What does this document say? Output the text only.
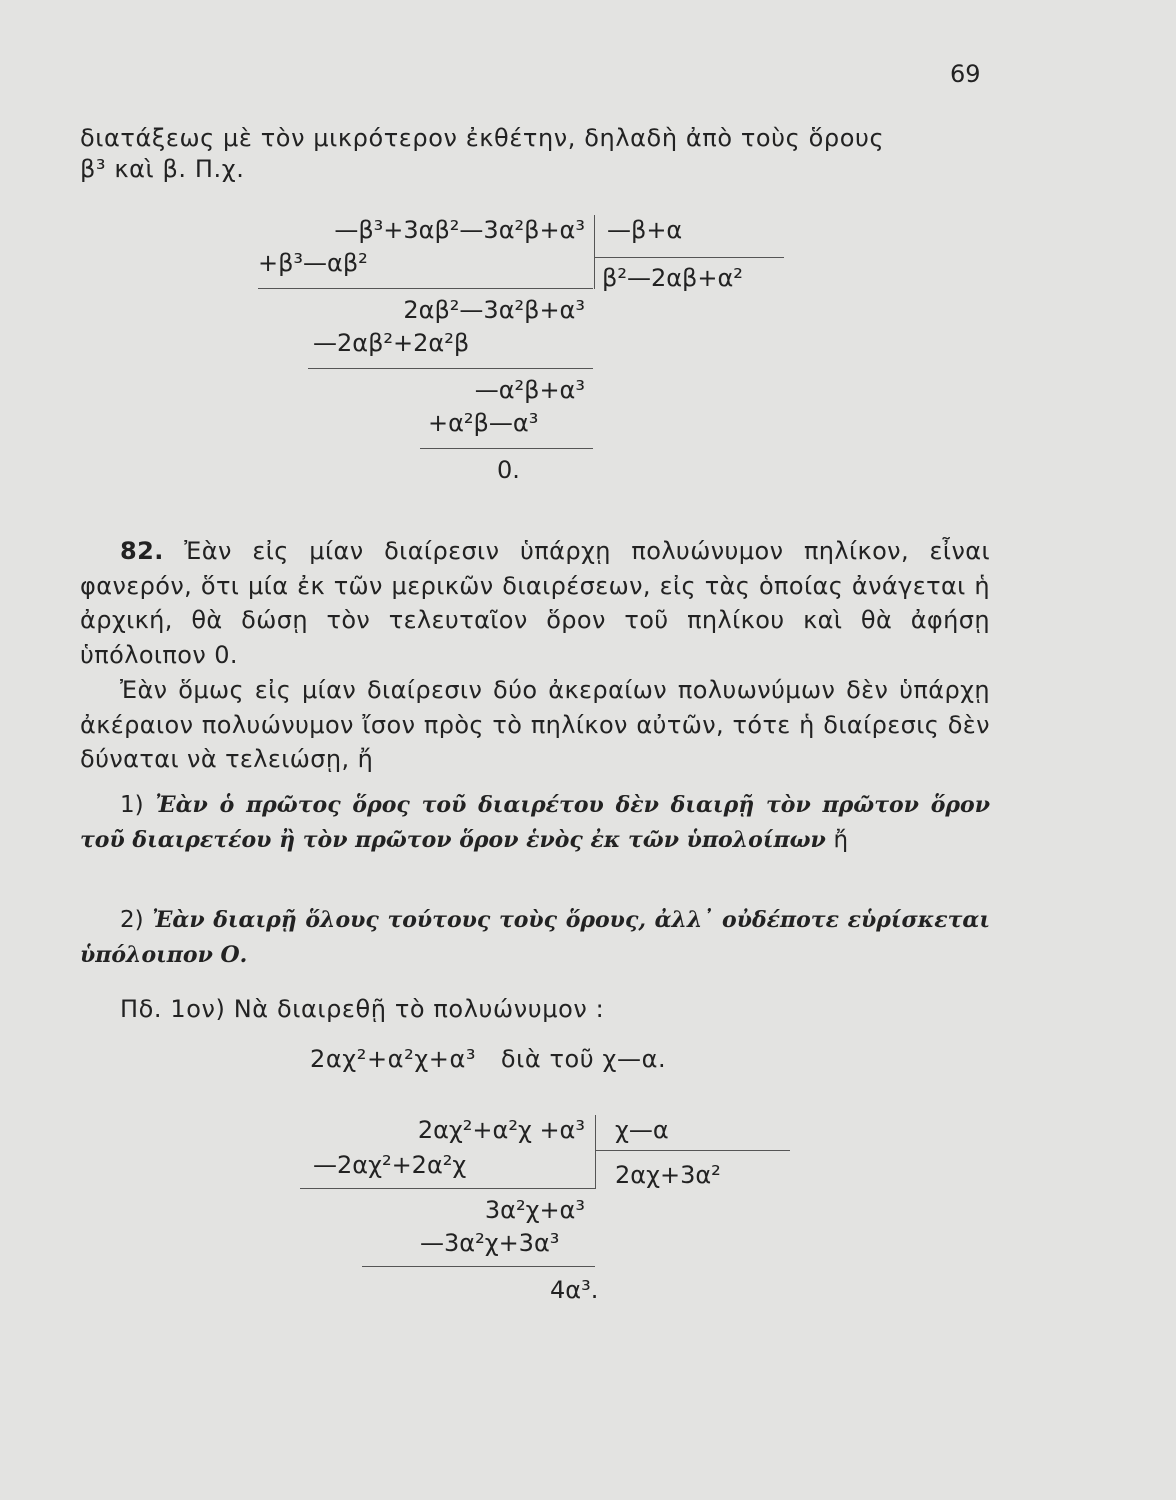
69
διατάξεως μὲ τὸν μικρότερον ἐκθέτην, δηλαδὴ ἀπὸ τοὺς ὅρους
β³ καὶ β. Π.χ.
—β³+3αβ²—3α²β+α³
+β³—αβ²
—β+α
β²—2αβ+α²
2αβ²—3α²β+α³
—2αβ²+2α²β
—α²β+α³
+α²β—α³
0.
82. Ἐὰν εἰς μίαν διαίρεσιν ὑπάρχῃ πολυώνυμον πηλίκον, εἶναι φανερόν, ὅτι μία ἐκ τῶν μερικῶν διαιρέσεων, εἰς τὰς ὁποίας ἀνάγεται ἡ ἀρχική, θὰ δώσῃ τὸν τελευταῖον ὅρον τοῦ πηλίκου καὶ θὰ ἀφήσῃ ὑπόλοιπον 0.
Ἐὰν ὅμως εἰς μίαν διαίρεσιν δύο ἀκεραίων πολυωνύμων δὲν ὑπάρχῃ ἀκέραιον πολυώνυμον ἴσον πρὸς τὸ πηλίκον αὐτῶν, τότε ἡ διαίρεσις δὲν δύναται νὰ τελειώσῃ, ἤ
1) Ἐὰν ὁ πρῶτος ὅρος τοῦ διαιρέτου δὲν διαιρῇ τὸν πρῶτον ὅρον τοῦ διαιρετέου ἢ τὸν πρῶτον ὅρον ἑνὸς ἐκ τῶν ὑπολοίπων ἤ
2) Ἐὰν διαιρῇ ὅλους τούτους τοὺς ὅρους, ἀλλ᾽ οὐδέποτε εὑρίσκεται ὑπόλοιπον Ο.
Πδ. 1ον) Νὰ διαιρεθῇ τὸ πολυώνυμον :
2αχ²+α²χ+α³   διὰ τοῦ χ—α.
2αχ²+α²χ +α³
—2αχ²+2α²χ
χ—α
2αχ+3α²
3α²χ+α³
—3α²χ+3α³
4α³.
